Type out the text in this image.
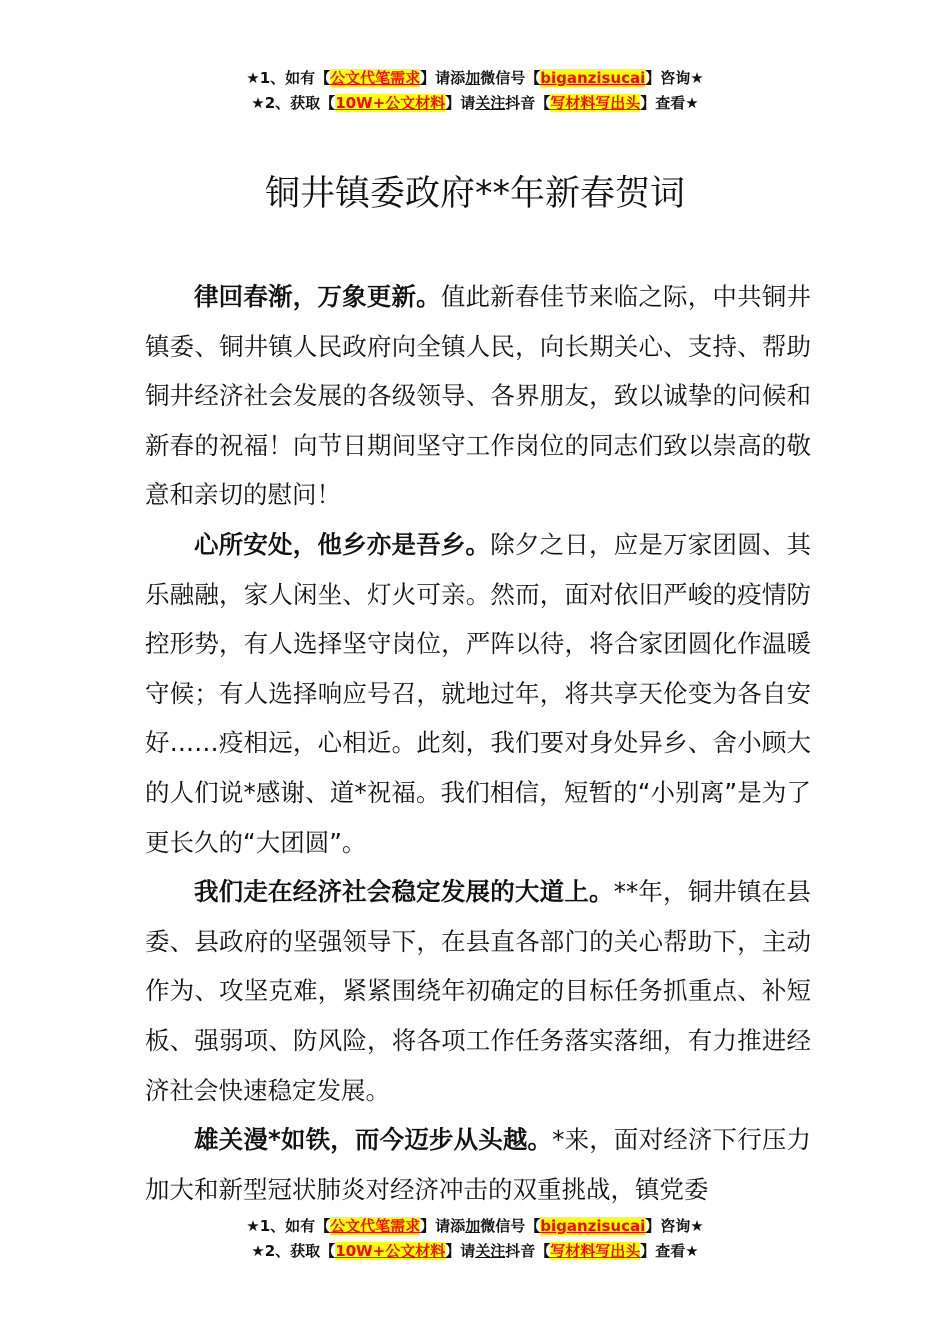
★1、如有【公文代笔需求】请添加微信号【biganzisucai】咨询★
★2、获取【10W+公文材料】请关注抖音【写材料写出头】查看★
铜井镇委政府**年新春贺词

律回春渐，万象更新。值此新春佳节来临之际，中共铜井镇委、铜井镇人民政府向全镇人民，向长期关心、支持、帮助铜井经济社会发展的各级领导、各界朋友，致以诚挚的问候和新春的祝福！向节日期间坚守工作岗位的同志们致以崇高的敬意和亲切的慰问！

心所安处，他乡亦是吾乡。除夕之日，应是万家团圆、其乐融融，家人闲坐、灯火可亲。然而，面对依旧严峻的疫情防控形势，有人选择坚守岗位，严阵以待，将合家团圆化作温暖守候；有人选择响应号召，就地过年，将共享天伦变为各自安好……疫相远，心相近。此刻，我们要对身处异乡、舍小顾大的人们说*感谢、道*祝福。我们相信，短暂的“小别离”是为了更长久的“大团圆”。

我们走在经济社会稳定发展的大道上。**年，铜井镇在县委、县政府的坚强领导下，在县直各部门的关心帮助下，主动作为、攻坚克难，紧紧围绕年初确定的目标任务抓重点、补短板、强弱项、防风险，将各项工作任务落实落细，有力推进经济社会快速稳定发展。

雄关漫*如铁，而今迈步从头越。*来，面对经济下行压力加大和新型冠状肺炎对经济冲击的双重挑战，镇党委

★1、如有【公文代笔需求】请添加微信号【biganzisucai】咨询★
★2、获取【10W+公文材料】请关注抖音【写材料写出头】查看★
